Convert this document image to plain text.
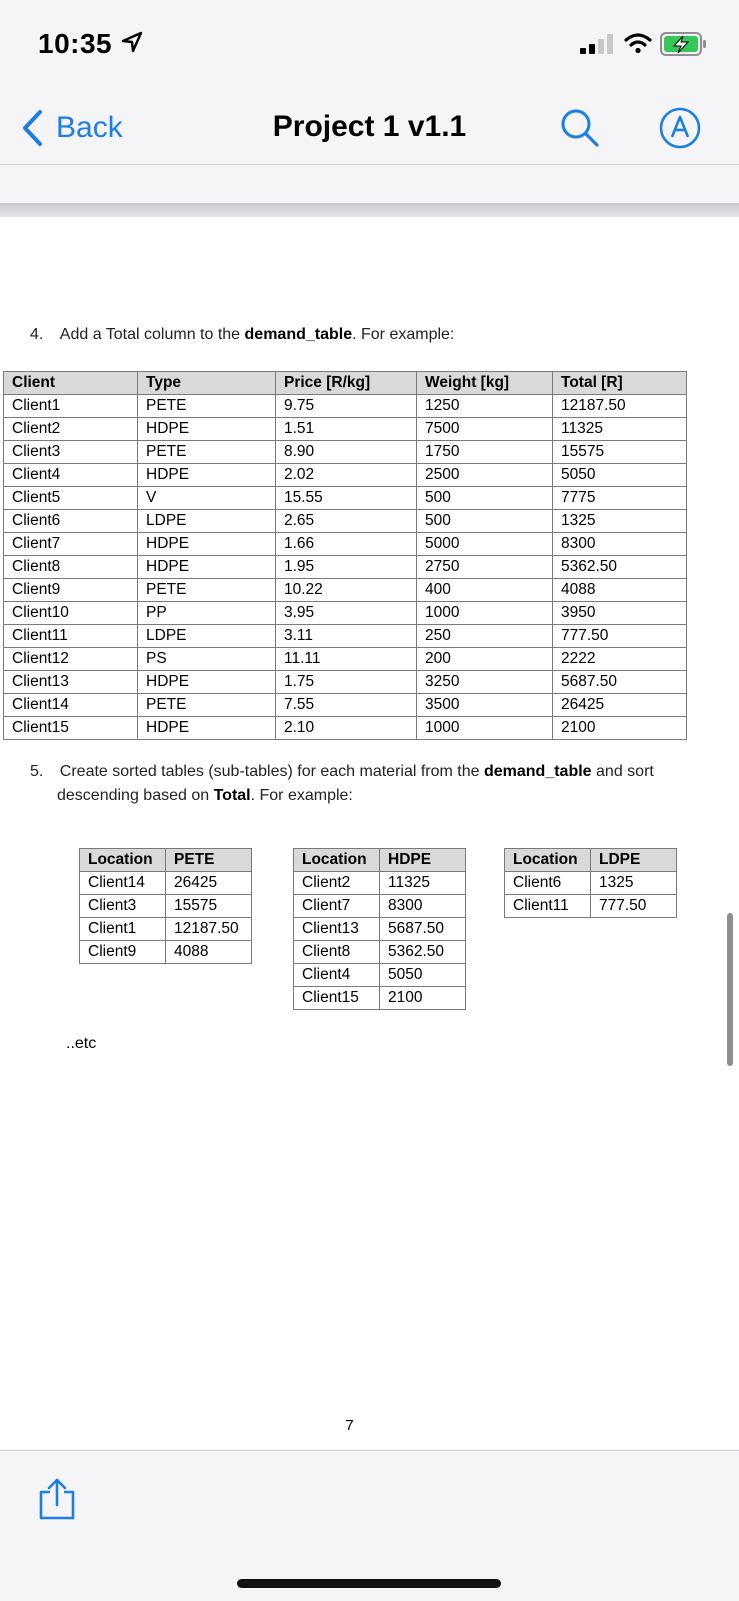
10:35
Back	Project 1 v1.1
4. Add a Total column to the demand_table. For example:
Client	Type	Price [R/kg]	Weight [kg]	Total [R]
Client1	PETE	9.75	1250	12187.50
Client2	HDPE	1.51	7500	11325
Client3	PETE	8.90	1750	15575
Client4	HDPE	2.02	2500	5050
Client5	V	15.55	500	7775
Client6	LDPE	2.65	500	1325
Client7	HDPE	1.66	5000	8300
Client8	HDPE	1.95	2750	5362.50
Client9	PETE	10.22	400	4088
Client10	PP	3.95	1000	3950
Client11	LDPE	3.11	250	777.50
Client12	PS	11.11	200	2222
Client13	HDPE	1.75	3250	5687.50
Client14	PETE	7.55	3500	26425
Client15	HDPE	2.10	1000	2100
5. Create sorted tables (sub-tables) for each material from the demand_table and sort
descending based on Total. For example:
Location	PETE
Client14	26425
Client3	15575
Client1	12187.50
Client9	4088
Location	HDPE
Client2	11325
Client7	8300
Client13	5687.50
Client8	5362.50
Client4	5050
Client15	2100
Location	LDPE
Client6	1325
Client11	777.50
..etc
7
